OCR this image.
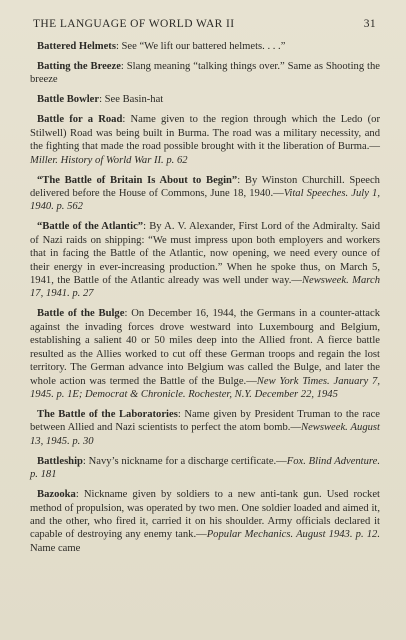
THE LANGUAGE OF WORLD WAR II	31

Battered Helmets: See “We lift our battered helmets. . . .”

Batting the Breeze: Slang meaning “talking things over.” Same as Shooting the breeze

Battle Bowler: See Basin-hat

Battle for a Road: Name given to the region through which the Ledo (or Stilwell) Road was being built in Burma. The road was a military necessity, and the fighting that made the road possible brought with it the liberation of Burma.—Miller. History of World War II. p. 62

“The Battle of Britain Is About to Begin”: By Winston Churchill. Speech delivered before the House of Commons, June 18, 1940.—Vital Speeches. July 1, 1940. p. 562

“Battle of the Atlantic”: By A. V. Alexander, First Lord of the Admiralty. Said of Nazi raids on shipping: “We must impress upon both employers and workers that in facing the Battle of the Atlantic, now opening, we need every ounce of their energy in ever-increasing production.” When he spoke thus, on March 5, 1941, the Battle of the Atlantic already was well under way.—Newsweek. March 17, 1941. p. 27

Battle of the Bulge: On December 16, 1944, the Germans in a counter-attack against the invading forces drove westward into Luxembourg and Belgium, establishing a salient 40 or 50 miles deep into the Allied front. A fierce battle resulted as the Allies worked to cut off these German troops and regain the lost territory. The German advance into Belgium was called the Bulge, and later the whole action was termed the Battle of the Bulge.—New York Times. January 7, 1945. p. 1E; Democrat & Chronicle. Rochester, N.Y. December 22, 1945

The Battle of the Laboratories: Name given by President Truman to the race between Allied and Nazi scientists to perfect the atom bomb.—Newsweek. August 13, 1945. p. 30

Battleship: Navy’s nickname for a discharge certificate.—Fox. Blind Adventure. p. 181

Bazooka: Nickname given by soldiers to a new anti-tank gun. Used rocket method of propulsion, was operated by two men. One soldier loaded and aimed it, and the other, who fired it, carried it on his shoulder. Army officials declared it capable of destroying any enemy tank.—Popular Mechanics. August 1943. p. 12. Name came
